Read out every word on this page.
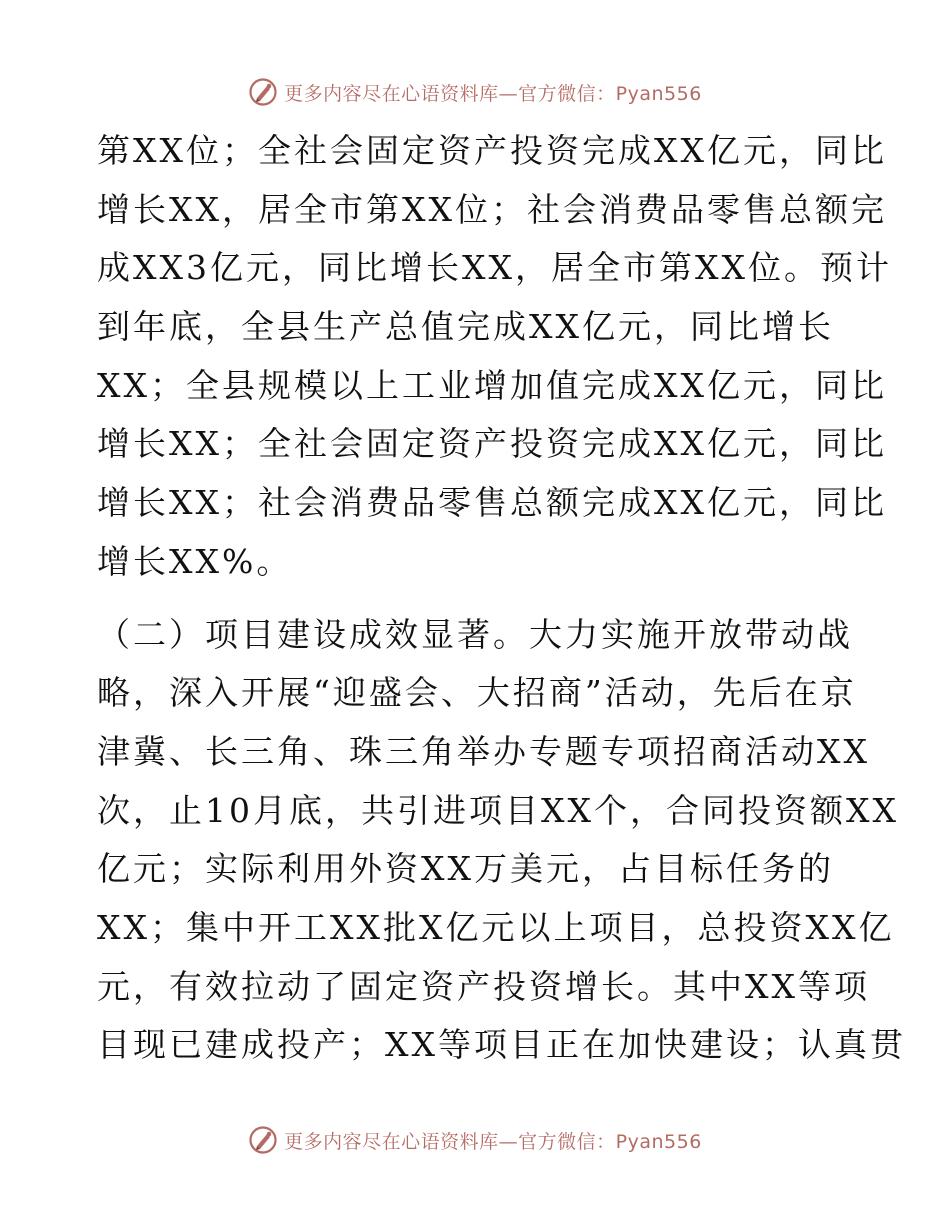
更多内容尽在心语资料库—官方微信：Pyan556
第XX位；全社会固定资产投资完成XX亿元，同比
增长XX，居全市第XX位；社会消费品零售总额完
成XX3亿元，同比增长XX，居全市第XX位。预计
到年底，全县生产总值完成XX亿元，同比增长
XX；全县规模以上工业增加值完成XX亿元，同比
增长XX；全社会固定资产投资完成XX亿元，同比
增长XX；社会消费品零售总额完成XX亿元，同比
增长XX%。
（二）项目建设成效显著。大力实施开放带动战
略，深入开展“迎盛会、大招商”活动，先后在京
津冀、长三角、珠三角举办专题专项招商活动XX
次，止10月底，共引进项目XX个，合同投资额XX
亿元；实际利用外资XX万美元，占目标任务的
XX；集中开工XX批X亿元以上项目，总投资XX亿
元，有效拉动了固定资产投资增长。其中XX等项
目现已建成投产；XX等项目正在加快建设；认真贯
更多内容尽在心语资料库—官方微信：Pyan556
